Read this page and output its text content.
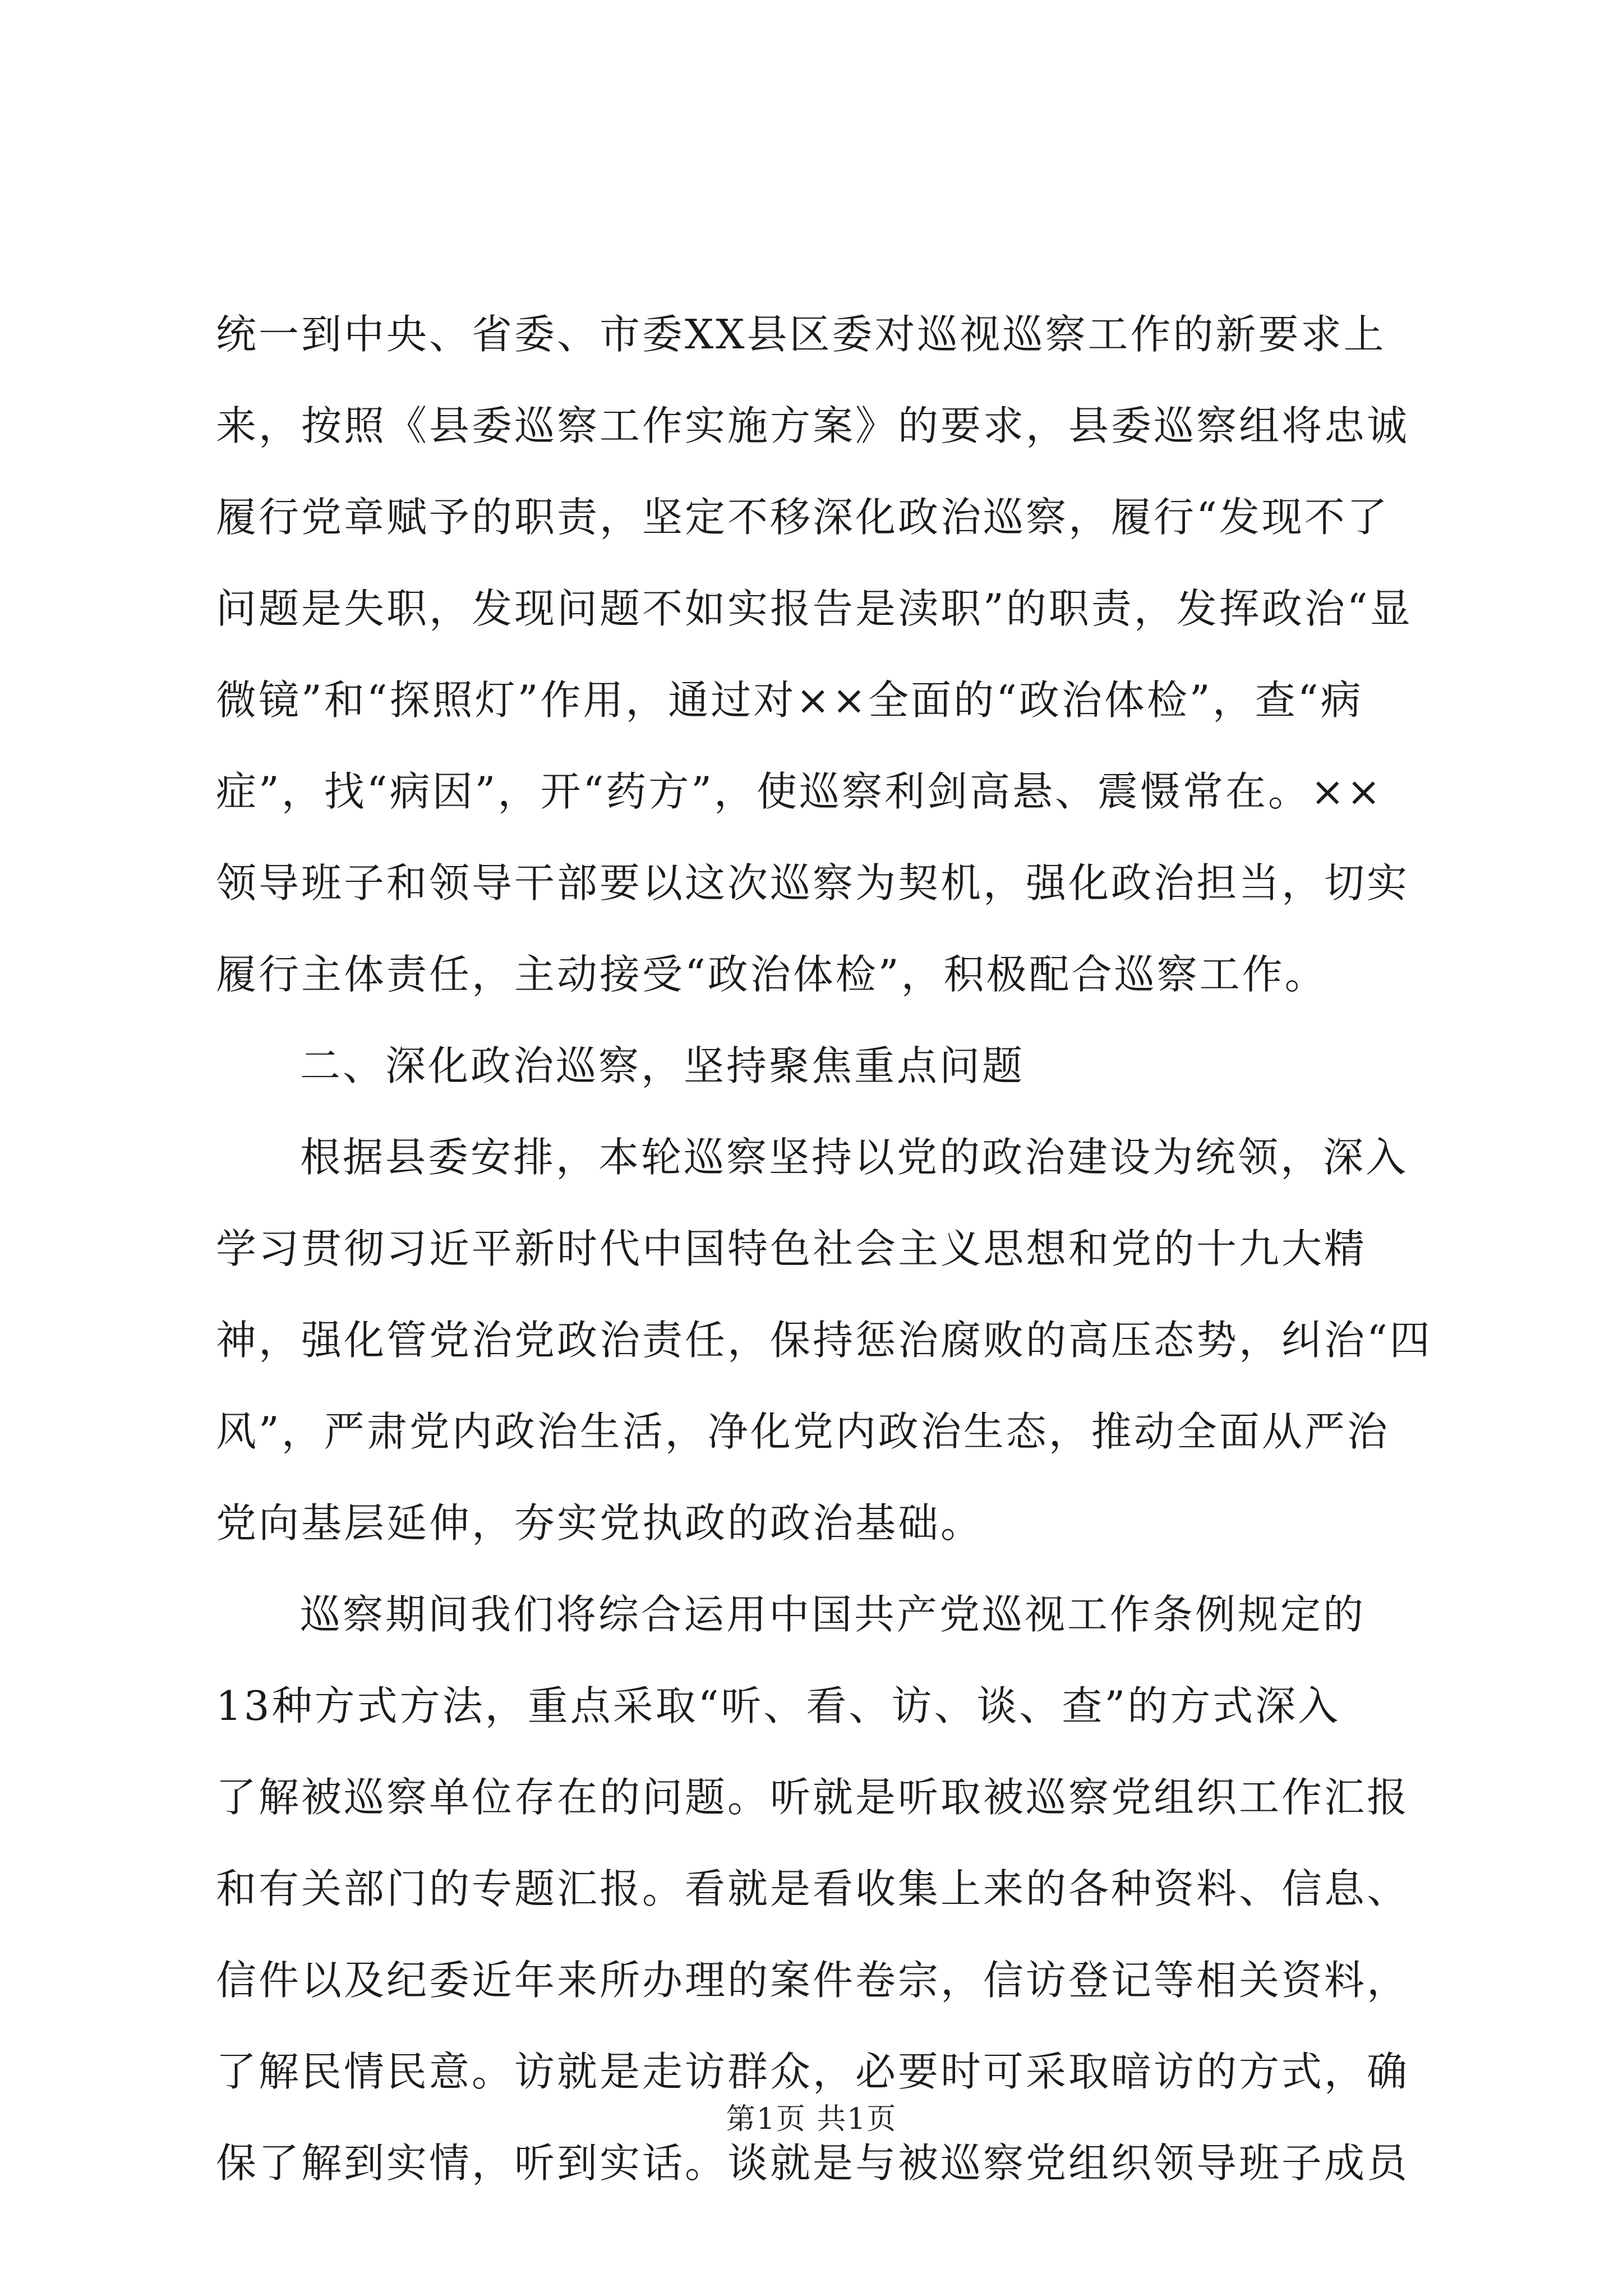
统一到中央、省委、市委XX县区委对巡视巡察工作的新要求上
来，按照《县委巡察工作实施方案》的要求，县委巡察组将忠诚
履行党章赋予的职责，坚定不移深化政治巡察，履行“发现不了
问题是失职，发现问题不如实报告是渎职”的职责，发挥政治“显
微镜”和“探照灯”作用，通过对××全面的“政治体检”，查“病
症”，找“病因”，开“药方”，使巡察利剑高悬、震慑常在。××
领导班子和领导干部要以这次巡察为契机，强化政治担当，切实
履行主体责任，主动接受“政治体检”，积极配合巡察工作。
二、深化政治巡察，坚持聚焦重点问题
根据县委安排，本轮巡察坚持以党的政治建设为统领，深入
学习贯彻习近平新时代中国特色社会主义思想和党的十九大精
神，强化管党治党政治责任，保持惩治腐败的高压态势，纠治“四
风”，严肃党内政治生活，净化党内政治生态，推动全面从严治
党向基层延伸，夯实党执政的政治基础。
巡察期间我们将综合运用中国共产党巡视工作条例规定的
13种方式方法，重点采取“听、看、访、谈、查”的方式深入
了解被巡察单位存在的问题。听就是听取被巡察党组织工作汇报
和有关部门的专题汇报。看就是看收集上来的各种资料、信息、
信件以及纪委近年来所办理的案件卷宗，信访登记等相关资料，
了解民情民意。访就是走访群众，必要时可采取暗访的方式，确
保了解到实情，听到实话。谈就是与被巡察党组织领导班子成员
第1页 共1页
